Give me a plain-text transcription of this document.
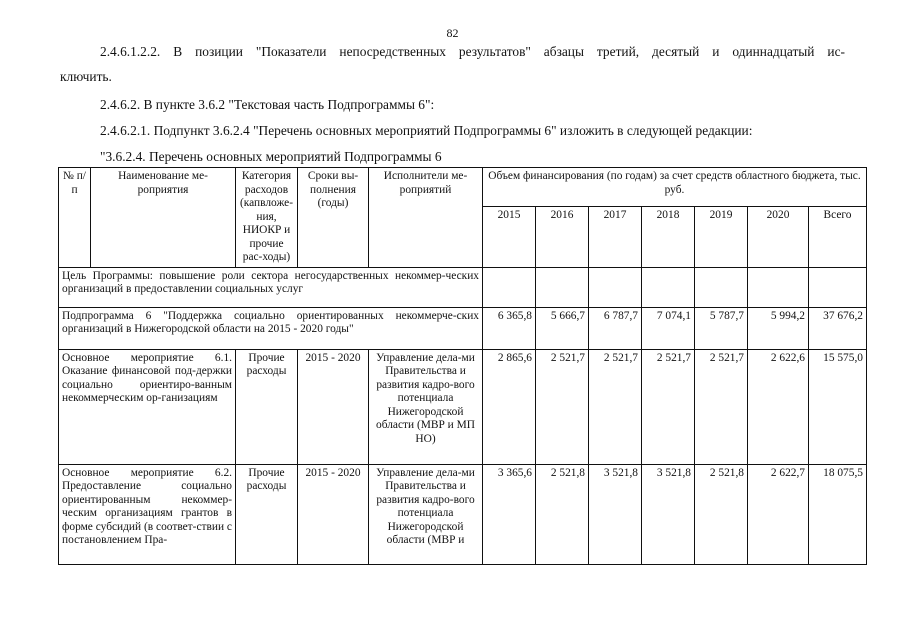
82
2.4.6.1.2.2. В позиции "Показатели непосредственных результатов" абзацы третий, десятый и одиннадцатый ис-
ключить.
2.4.6.2. В пункте 3.6.2 "Текстовая часть Подпрограммы 6":
2.4.6.2.1. Подпункт 3.6.2.4 "Перечень основных мероприятий Подпрограммы 6" изложить в следующей редакции:
"3.6.2.4. Перечень основных мероприятий Подпрограммы 6
№ п/п	Наименование ме-роприятия	Категория расходов (капвложе-ния, НИОКР и прочие рас-ходы)	Сроки вы-полнения (годы)	Исполнители ме-роприятий	Объем финансирования (по годам) за счет средств областного бюджета, тыс. руб.						
					2015	2016	2017	2018	2019	2020	Всего
Цель Программы: повышение роли сектора негосударственных некоммер-ческих организаций в предоставлении социальных услуг											
Подпрограмма 6 "Поддержка социально ориентированных некоммерче-ских организаций в Нижегородской области на 2015 - 2020 годы"					6 365,8	5 666,7	6 787,7	7 074,1	5 787,7	5 994,2	37 676,2
Основное мероприятие 6.1. Оказание финансовой под-держки социально ориентиро-ванным некоммерческим ор-ганизациям		Прочие расходы	2015 - 2020	Управление дела-ми Правительства и развития кадро-вого потенциала Нижегородской области (МВР и МП НО)	2 865,6	2 521,7	2 521,7	2 521,7	2 521,7	2 622,6	15 575,0
Основное мероприятие 6.2. Предоставление социально ориентированным некоммер-ческим организациям грантов в форме субсидий (в соответ-ствии с постановлением Пра-		Прочие расходы	2015 - 2020	Управление дела-ми Правительства и развития кадро-вого потенциала Нижегородской области (МВР и	3 365,6	2 521,8	3 521,8	3 521,8	2 521,8	2 622,7	18 075,5
